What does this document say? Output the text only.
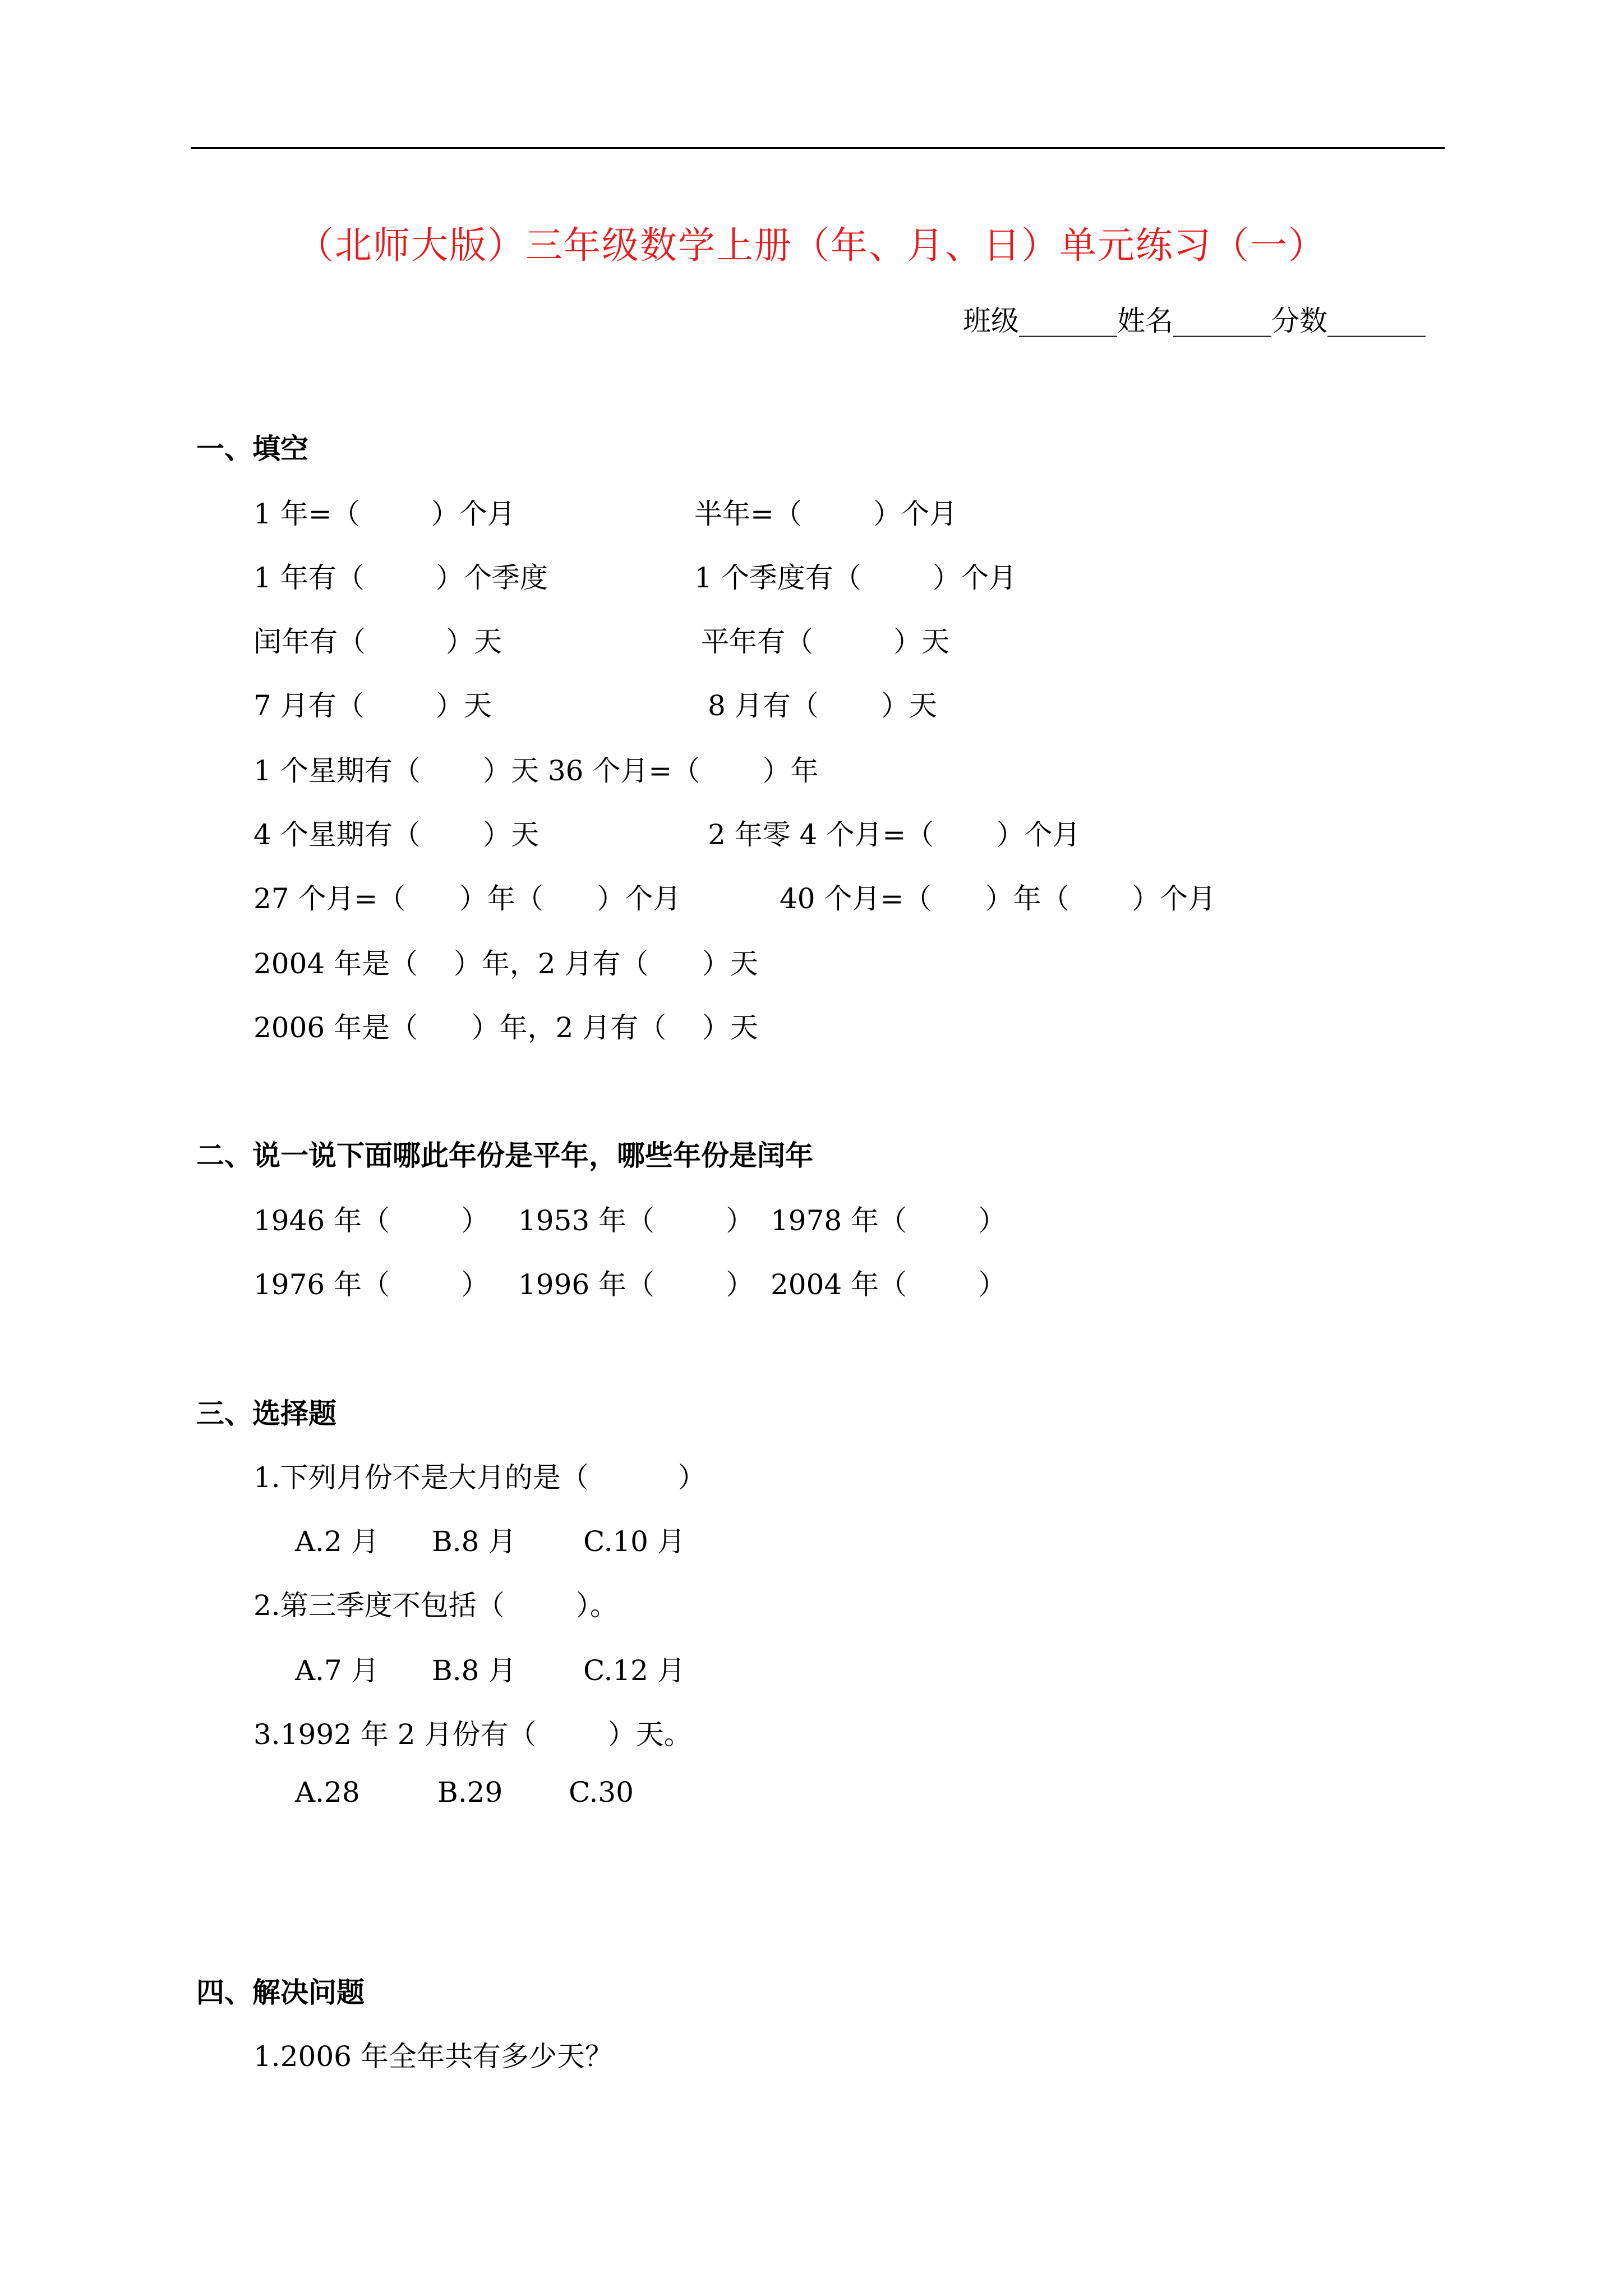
（北师大版）三年级数学上册（年、月、日）单元练习（一）
班级_______姓名_______分数_______
一、填空
1 年=（        ）个月	半年=（        ）个月
1 年有（        ）个季度	1 个季度有（        ）个月
闰年有（         ）天	平年有（         ）天
7 月有（        ）天	8 月有（       ）天
1 个星期有（       ）天 36 个月=（       ）年
4 个星期有（       ）天	2 年零 4 个月=（       ）个月
27 个月=（      ）年（      ）个月	40 个月=（      ）年（       ）个月
2004 年是（    ）年，2 月有（      ）天
2006 年是（      ）年，2 月有（    ）天
二、说一说下面哪此年份是平年，哪些年份是闰年
1946 年（        ） 1953 年（        ） 1978 年（        ）
1976 年（        ） 1996 年（        ） 2004 年（        ）
三、选择题
1.下列月份不是大月的是（          ）
A.2 月 B.8 月 C.10 月
2.第三季度不包括（        ）。
A.7 月 B.8 月 C.12 月
3.1992 年 2 月份有（        ）天。
A.28	B.29 C.30
四、解决问题
1.2006 年全年共有多少天？
